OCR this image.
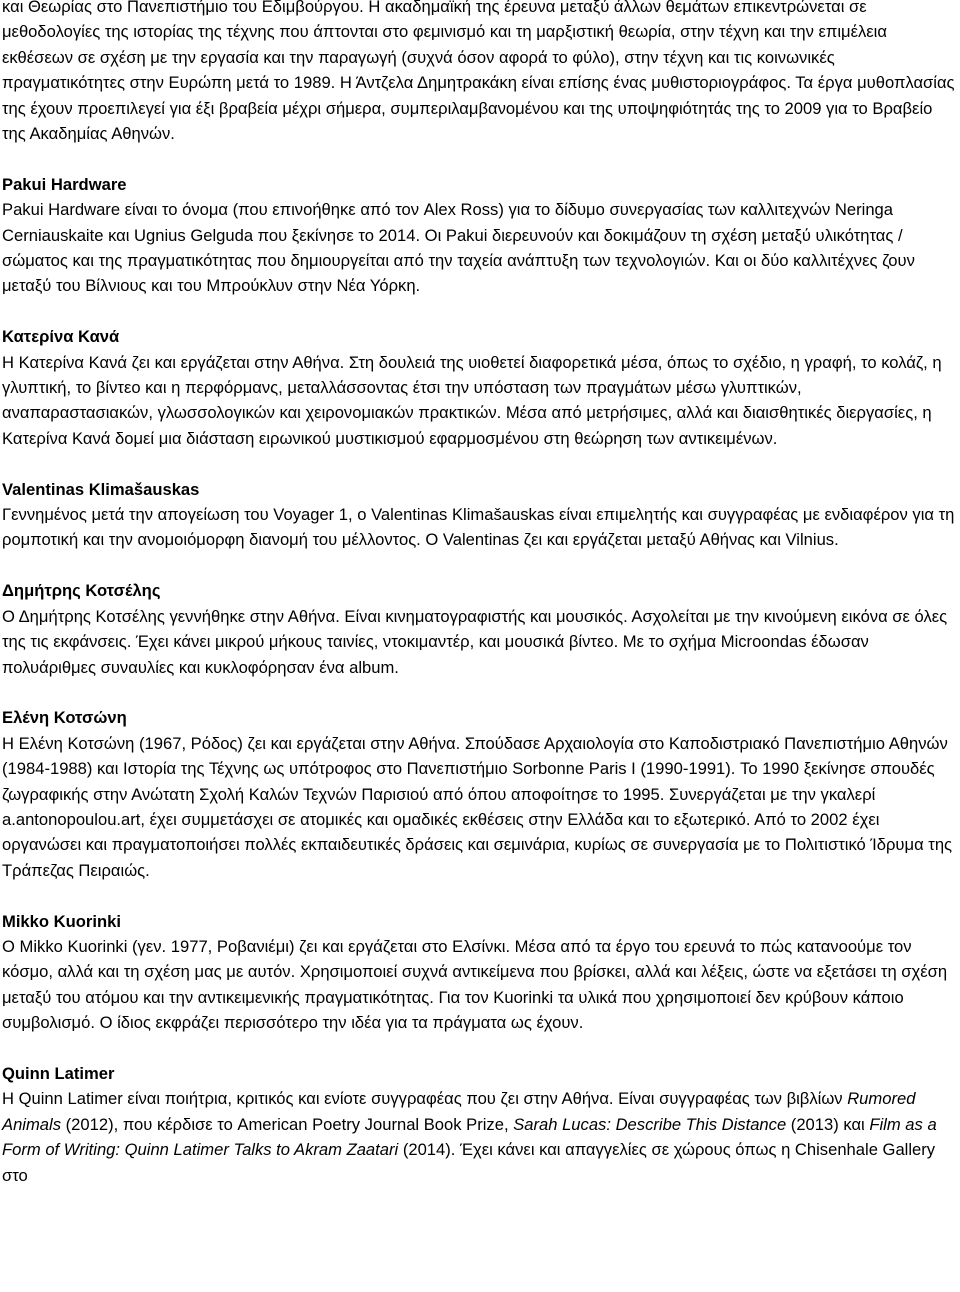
και Θεωρίας στο Πανεπιστήμιο του Εδιμβούργου. Η ακαδημαϊκή της έρευνα μεταξύ άλλων θεμάτων επικεντρώνεται σε μεθοδολογίες της ιστορίας της τέχνης που άπτονται στο φεμινισμό και τη μαρξιστική θεωρία, στην τέχνη και την επιμέλεια εκθέσεων σε σχέση με την εργασία και την παραγωγή (συχνά όσον αφορά το φύλο), στην τέχνη και τις κοινωνικές πραγματικότητες στην Ευρώπη μετά το 1989. Η Άντζελα Δημητρακάκη είναι επίσης ένας μυθιστοριογράφος. Τα έργα μυθοπλασίας της έχουν προεπιλεγεί για έξι βραβεία μέχρι σήμερα, συμπεριλαμβανομένου και της υποψηφιότητάς της το 2009 για το Βραβείο της Ακαδημίας Αθηνών.

Pakui Hardware
Pakui Hardware είναι το όνομα (που επινοήθηκε από τον Alex Ross) για το δίδυμο συνεργασίας των καλλιτεχνών Neringa Cerniauskaite και Ugnius Gelguda που ξεκίνησε το 2014. Οι Pakui διερευνούν και δοκιμάζουν τη σχέση μεταξύ υλικότητας / σώματος και της πραγματικότητας που δημιουργείται από την ταχεία ανάπτυξη των τεχνολογιών. Και οι δύο καλλιτέχνες ζουν μεταξύ του Βίλνιους και του Μπρούκλυν στην Νέα Υόρκη.

Κατερίνα Κανά
Η Κατερίνα Κανά ζει και εργάζεται στην Αθήνα. Στη δουλειά της υιοθετεί διαφορετικά μέσα, όπως το σχέδιο, η γραφή, το κολάζ, η γλυπτική, το βίντεο και η περφόρμανς, μεταλλάσσοντας έτσι την υπόσταση των πραγμάτων μέσω γλυπτικών, αναπαραστασιακών, γλωσσολογικών και χειρονομιακών πρακτικών. Μέσα από μετρήσιμες, αλλά και διαισθητικές διεργασίες, η Κατερίνα Κανά δομεί μια διάσταση ειρωνικού μυστικισμού εφαρμοσμένου στη θεώρηση των αντικειμένων.

Valentinas Klimašauskas
Γεννημένος μετά την απογείωση του Voyager 1, ο Valentinas Klimašauskas είναι επιμελητής και συγγραφέας με ενδιαφέρον για τη ρομποτική και την ανομοιόμορφη διανομή του μέλλοντος. Ο Valentinas ζει και εργάζεται μεταξύ Αθήνας και Vilnius.

Δημήτρης Κοτσέλης
Ο Δημήτρης Κοτσέλης γεννήθηκε στην Αθήνα. Είναι κινηματογραφιστής και μουσικός. Ασχολείται με την κινούμενη εικόνα σε όλες της τις εκφάνσεις. Έχει κάνει μικρού μήκους ταινίες, ντοκιμαντέρ, και μουσικά βίντεο. Με το σχήμα Microondas έδωσαν πολυάριθμες συναυλίες και κυκλοφόρησαν ένα album.

Ελένη Κοτσώνη
Η Ελένη Κοτσώνη (1967, Ρόδος) ζει και εργάζεται στην Αθήνα. Σπούδασε Αρχαιολογία στο Καποδιστριακό Πανεπιστήμιο Αθηνών (1984-1988) και Ιστορία της Τέχνης ως υπότροφος στο Πανεπιστήμιο Sorbonne Paris I (1990-1991). Το 1990 ξεκίνησε σπουδές ζωγραφικής στην Ανώτατη Σχολή Καλών Τεχνών Παρισιού από όπου αποφοίτησε το 1995. Συνεργάζεται με την γκαλερί a.antonopoulou.art, έχει συμμετάσχει σε ατομικές και ομαδικές εκθέσεις στην Ελλάδα και το εξωτερικό. Από το 2002 έχει οργανώσει και πραγματοποιήσει πολλές εκπαιδευτικές δράσεις και σεμινάρια, κυρίως σε συνεργασία με το Πολιτιστικό Ίδρυμα της Τράπεζας Πειραιώς.

Mikko Kuorinki
Ο Mikko Kuorinki (γεν. 1977, Ροβανιέμι) ζει και εργάζεται στο Ελσίνκι. Μέσα από τα έργο του ερευνά το πώς κατανοούμε τον κόσμο, αλλά και τη σχέση μας με αυτόν. Χρησιμοποιεί συχνά αντικείμενα που βρίσκει, αλλά και λέξεις, ώστε να εξετάσει τη σχέση μεταξύ του ατόμου και την αντικειμενικής πραγματικότητας. Για τον Kuorinki τα υλικά που χρησιμοποιεί δεν κρύβουν κάποιο συμβολισμό. Ο ίδιος εκφράζει περισσότερο την ιδέα για τα πράγματα ως έχουν.

Quinn Latimer
Η Quinn Latimer είναι ποιήτρια, κριτικός και ενίοτε συγγραφέας που ζει στην Αθήνα. Είναι συγγραφέας των βιβλίων Rumored Animals (2012), που κέρδισε το American Poetry Journal Book Prize, Sarah Lucas: Describe This Distance (2013) και Film as a Form of Writing: Quinn Latimer Talks to Akram Zaatari (2014). Έχει κάνει και απαγγελίες σε χώρους όπως η Chisenhale Gallery στο
